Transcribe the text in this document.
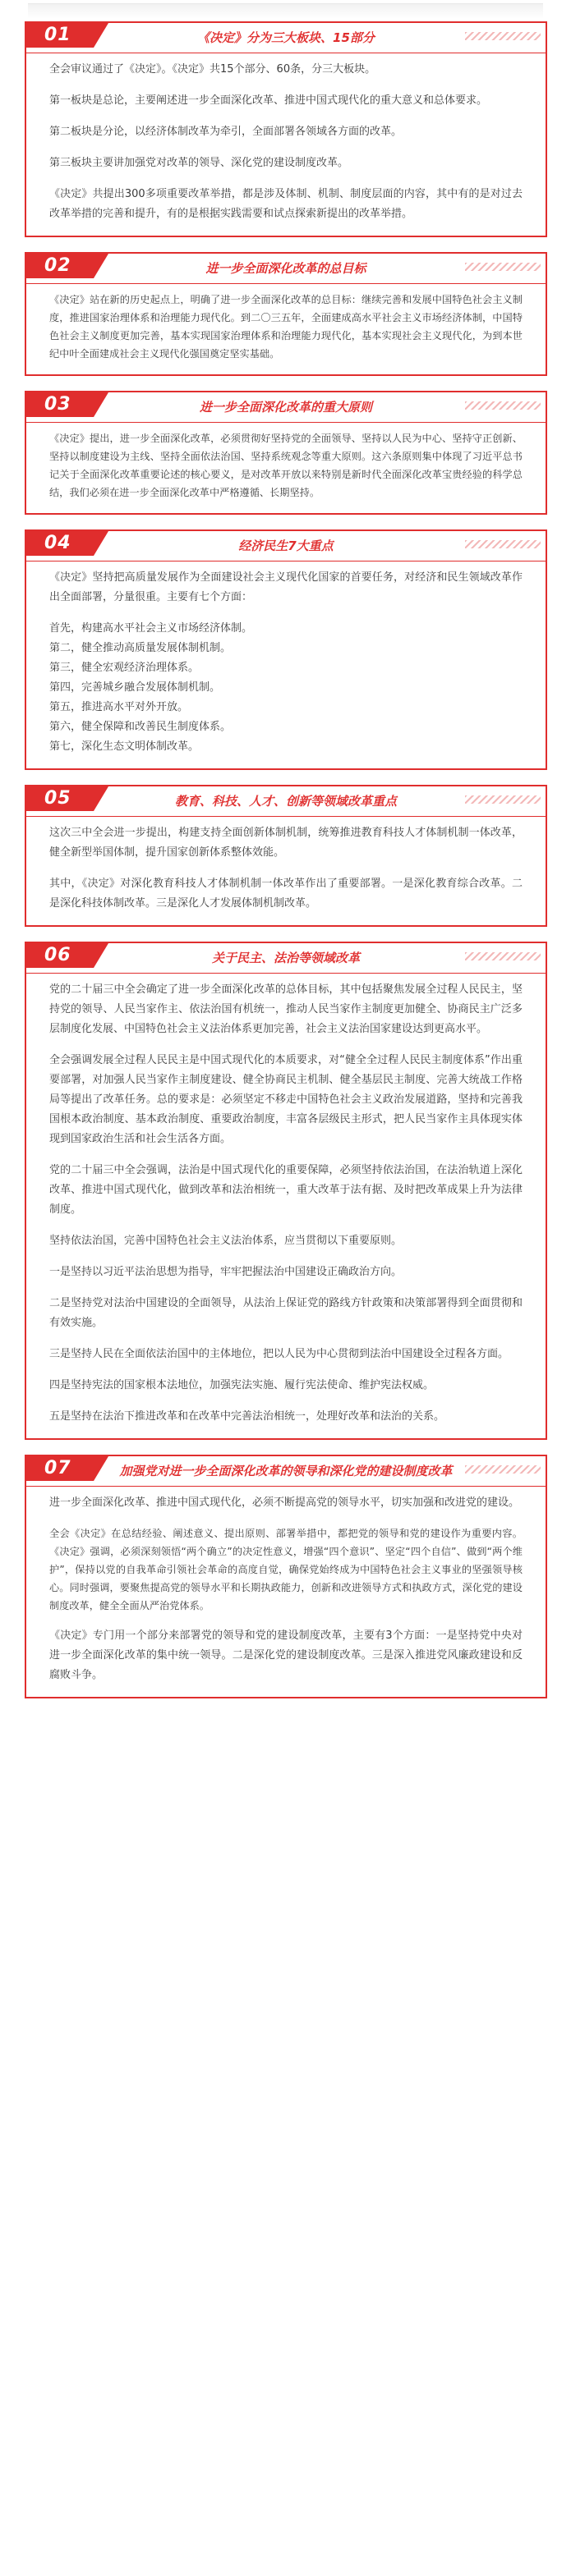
01	《决定》分为三大板块、15部分

全会审议通过了《决定》。《决定》共15个部分、60条，分三大板块。

第一板块是总论，主要阐述进一步全面深化改革、推进中国式现代化的重大意义和总体要求。

第二板块是分论，以经济体制改革为牵引，全面部署各领域各方面的改革。

第三板块主要讲加强党对改革的领导、深化党的建设制度改革。

《决定》共提出300多项重要改革举措，都是涉及体制、机制、制度层面的内容，其中有的是对过去改革举措的完善和提升，有的是根据实践需要和试点探索新提出的改革举措。

02	进一步全面深化改革的总目标

《决定》站在新的历史起点上，明确了进一步全面深化改革的总目标：继续完善和发展中国特色社会主义制度，推进国家治理体系和治理能力现代化。到二〇三五年，全面建成高水平社会主义市场经济体制，中国特色社会主义制度更加完善，基本实现国家治理体系和治理能力现代化，基本实现社会主义现代化，为到本世纪中叶全面建成社会主义现代化强国奠定坚实基础。

03	进一步全面深化改革的重大原则

《决定》提出，进一步全面深化改革，必须贯彻好坚持党的全面领导、坚持以人民为中心、坚持守正创新、坚持以制度建设为主线、坚持全面依法治国、坚持系统观念等重大原则。这六条原则集中体现了习近平总书记关于全面深化改革重要论述的核心要义，是对改革开放以来特别是新时代全面深化改革宝贵经验的科学总结，我们必须在进一步全面深化改革中严格遵循、长期坚持。

04	经济民生7大重点

《决定》坚持把高质量发展作为全面建设社会主义现代化国家的首要任务，对经济和民生领域改革作出全面部署，分量很重。主要有七个方面：

首先，构建高水平社会主义市场经济体制。

第二，健全推动高质量发展体制机制。

第三，健全宏观经济治理体系。

第四，完善城乡融合发展体制机制。

第五，推进高水平对外开放。

第六，健全保障和改善民生制度体系。

第七，深化生态文明体制改革。

05	教育、科技、人才、创新等领域改革重点

这次三中全会进一步提出，构建支持全面创新体制机制，统筹推进教育科技人才体制机制一体改革，健全新型举国体制，提升国家创新体系整体效能。

其中，《决定》对深化教育科技人才体制机制一体改革作出了重要部署。一是深化教育综合改革。二是深化科技体制改革。三是深化人才发展体制机制改革。

06	关于民主、法治等领域改革

党的二十届三中全会确定了进一步全面深化改革的总体目标，其中包括聚焦发展全过程人民民主，坚持党的领导、人民当家作主、依法治国有机统一，推动人民当家作主制度更加健全、协商民主广泛多层制度化发展、中国特色社会主义法治体系更加完善，社会主义法治国家建设达到更高水平。

全会强调发展全过程人民民主是中国式现代化的本质要求，对“健全全过程人民民主制度体系”作出重要部署，对加强人民当家作主制度建设、健全协商民主机制、健全基层民主制度、完善大统战工作格局等提出了改革任务。总的要求是：必须坚定不移走中国特色社会主义政治发展道路，坚持和完善我国根本政治制度、基本政治制度、重要政治制度，丰富各层级民主形式，把人民当家作主具体现实体现到国家政治生活和社会生活各方面。

党的二十届三中全会强调，法治是中国式现代化的重要保障，必须坚持依法治国，在法治轨道上深化改革、推进中国式现代化，做到改革和法治相统一，重大改革于法有据、及时把改革成果上升为法律制度。

坚持依法治国，完善中国特色社会主义法治体系，应当贯彻以下重要原则。

一是坚持以习近平法治思想为指导，牢牢把握法治中国建设正确政治方向。

二是坚持党对法治中国建设的全面领导，从法治上保证党的路线方针政策和决策部署得到全面贯彻和有效实施。

三是坚持人民在全面依法治国中的主体地位，把以人民为中心贯彻到法治中国建设全过程各方面。

四是坚持宪法的国家根本法地位，加强宪法实施、履行宪法使命、维护宪法权威。

五是坚持在法治下推进改革和在改革中完善法治相统一，处理好改革和法治的关系。

07	加强党对进一步全面深化改革的领导和深化党的建设制度改革

进一步全面深化改革、推进中国式现代化，必须不断提高党的领导水平，切实加强和改进党的建设。

全会《决定》在总结经验、阐述意义、提出原则、部署举措中，都把党的领导和党的建设作为重要内容。《决定》强调，必须深刻领悟“两个确立”的决定性意义，增强“四个意识”、坚定“四个自信”、做到“两个维护”，保持以党的自我革命引领社会革命的高度自觉，确保党始终成为中国特色社会主义事业的坚强领导核心。同时强调，要聚焦提高党的领导水平和长期执政能力，创新和改进领导方式和执政方式，深化党的建设制度改革，健全全面从严治党体系。

《决定》专门用一个部分来部署党的领导和党的建设制度改革，主要有3个方面：一是坚持党中央对进一步全面深化改革的集中统一领导。二是深化党的建设制度改革。三是深入推进党风廉政建设和反腐败斗争。
